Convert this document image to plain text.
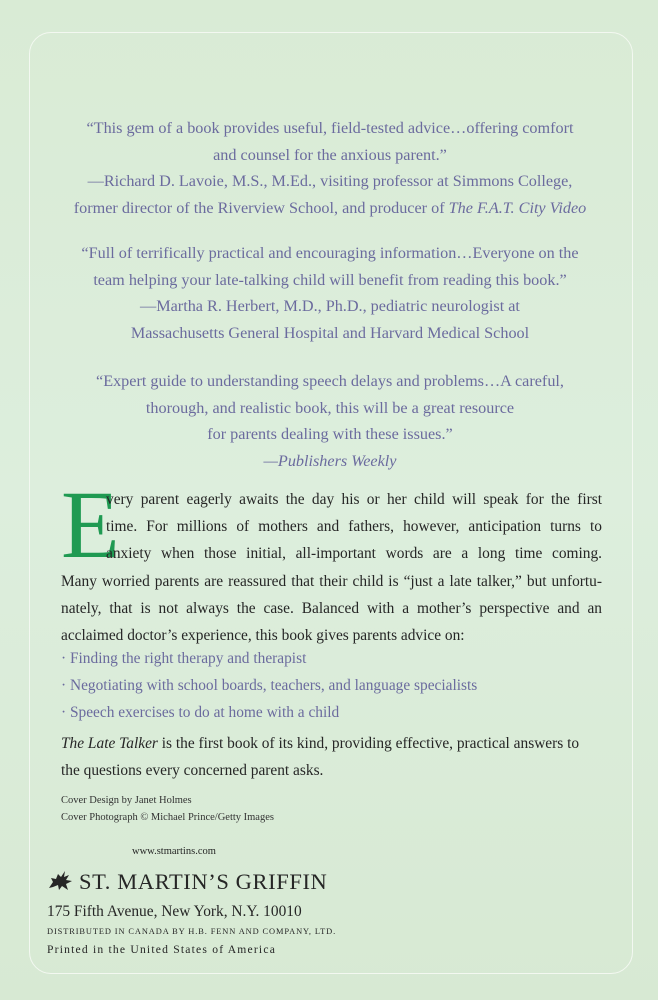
“This gem of a book provides useful, field-tested advice…offering comfort
and counsel for the anxious parent.”
—Richard D. Lavoie, M.S., M.Ed., visiting professor at Simmons College,
former director of the Riverview School, and producer of The F.A.T. City Video
“Full of terrifically practical and encouraging information…Everyone on the
team helping your late-talking child will benefit from reading this book.”
—Martha R. Herbert, M.D., Ph.D., pediatric neurologist at
Massachusetts General Hospital and Harvard Medical School
“Expert guide to understanding speech delays and problems…A careful,
thorough, and realistic book, this will be a great resource
for parents dealing with these issues.”
—Publishers Weekly
E
very parent eagerly awaits the day his or her child will speak for the first
time. For millions of mothers and fathers, however, anticipation turns to
anxiety when those initial, all-important words are a long time coming.
Many worried parents are reassured that their child is “just a late talker,” but unfortu-
nately, that is not always the case. Balanced with a mother’s perspective and an
acclaimed doctor’s experience, this book gives parents advice on:
· Finding the right therapy and therapist
· Negotiating with school boards, teachers, and language specialists
· Speech exercises to do at home with a child
The Late Talker is the first book of its kind, providing effective, practical answers to
the questions every concerned parent asks.
Cover Design by Janet Holmes
Cover Photograph © Michael Prince/Getty Images
www.stmartins.com
ST. MARTIN’S GRIFFIN
175 Fifth Avenue, New York, N.Y. 10010
DISTRIBUTED IN CANADA BY H.B. FENN AND COMPANY, LTD.
Printed in the United States of America
